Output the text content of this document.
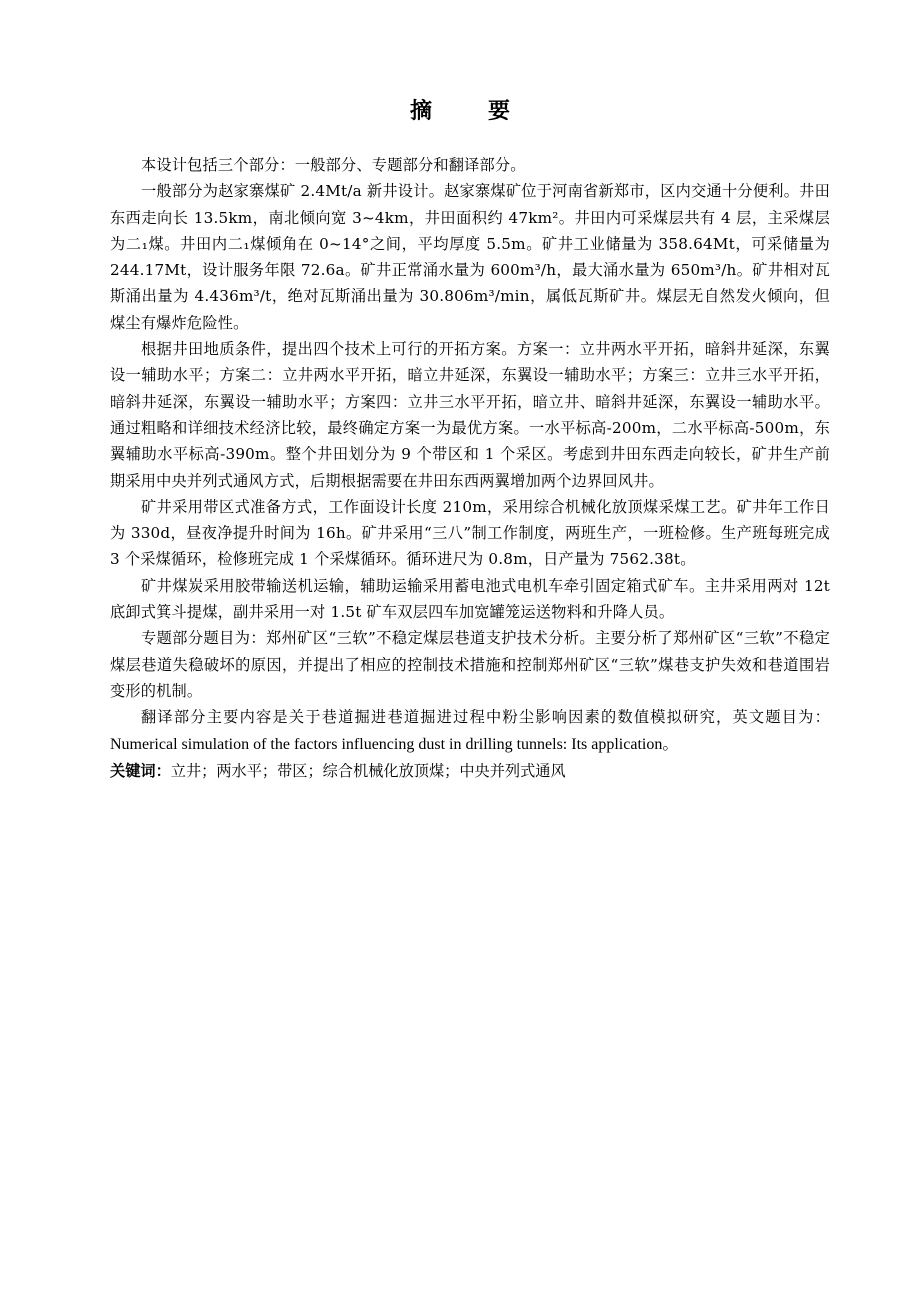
摘　要

本设计包括三个部分：一般部分、专题部分和翻译部分。

一般部分为赵家寨煤矿 2.4Mt/a 新井设计。赵家寨煤矿位于河南省新郑市，区内交通十分便利。井田东西走向长 13.5km，南北倾向宽 3~4km，井田面积约 47km²。井田内可采煤层共有 4 层，主采煤层为二₁煤。井田内二₁煤倾角在 0~14°之间，平均厚度 5.5m。矿井工业储量为 358.64Mt，可采储量为 244.17Mt，设计服务年限 72.6a。矿井正常涌水量为 600m³/h，最大涌水量为 650m³/h。矿井相对瓦斯涌出量为 4.436m³/t，绝对瓦斯涌出量为 30.806m³/min，属低瓦斯矿井。煤层无自然发火倾向，但煤尘有爆炸危险性。

根据井田地质条件，提出四个技术上可行的开拓方案。方案一：立井两水平开拓，暗斜井延深，东翼设一辅助水平；方案二：立井两水平开拓，暗立井延深，东翼设一辅助水平；方案三：立井三水平开拓，暗斜井延深，东翼设一辅助水平；方案四：立井三水平开拓，暗立井、暗斜井延深，东翼设一辅助水平。通过粗略和详细技术经济比较，最终确定方案一为最优方案。一水平标高-200m，二水平标高-500m，东翼辅助水平标高-390m。整个井田划分为 9 个带区和 1 个采区。考虑到井田东西走向较长，矿井生产前期采用中央并列式通风方式，后期根据需要在井田东西两翼增加两个边界回风井。

矿井采用带区式准备方式，工作面设计长度 210m，采用综合机械化放顶煤采煤工艺。矿井年工作日为 330d，昼夜净提升时间为 16h。矿井采用“三八”制工作制度，两班生产，一班检修。生产班每班完成 3 个采煤循环，检修班完成 1 个采煤循环。循环进尺为 0.8m，日产量为 7562.38t。

矿井煤炭采用胶带输送机运输，辅助运输采用蓄电池式电机车牵引固定箱式矿车。主井采用两对 12t 底卸式箕斗提煤，副井采用一对 1.5t 矿车双层四车加宽罐笼运送物料和升降人员。

专题部分题目为：郑州矿区“三软”不稳定煤层巷道支护技术分析。主要分析了郑州矿区“三软”不稳定煤层巷道失稳破坏的原因，并提出了相应的控制技术措施和控制郑州矿区“三软”煤巷支护失效和巷道围岩变形的机制。

翻译部分主要内容是关于巷道掘进巷道掘进过程中粉尘影响因素的数值模拟研究，英文题目为：Numerical simulation of the factors influencing dust in drilling tunnels: Its application。

关键词：立井；两水平；带区；综合机械化放顶煤；中央并列式通风
